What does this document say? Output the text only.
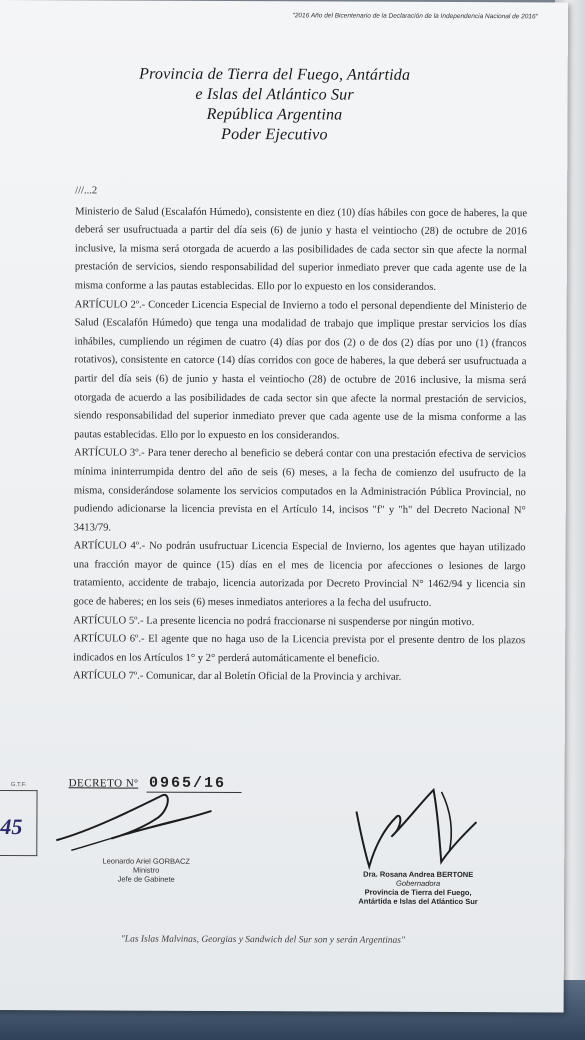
"2016 Año del Bicentenario de la Declaración de la Independencia Nacional de 2016"
Provincia de Tierra del Fuego, Antártida
e Islas del Atlántico Sur
República Argentina
Poder Ejecutivo

///...2

Ministerio de Salud (Escalafón Húmedo), consistente en diez (10) días hábiles con goce de haberes, la que deberá ser usufructuada a partir del día seis (6) de junio y hasta el veintiocho (28) de octubre de 2016 inclusive, la misma será otorgada de acuerdo a las posibilidades de cada sector sin que afecte la normal prestación de servicios, siendo responsabilidad del superior inmediato prever que cada agente use de la misma conforme a las pautas establecidas. Ello por lo expuesto en los considerandos.

ARTÍCULO 2º.- Conceder Licencia Especial de Invierno a todo el personal dependiente del Ministerio de Salud (Escalafón Húmedo) que tenga una modalidad de trabajo que implique prestar servicios los días inhábiles, cumpliendo un régimen de cuatro (4) días por dos (2) o de dos (2) días por uno (1) (francos rotativos), consistente en catorce (14) días corridos con goce de haberes, la que deberá ser usufructuada a partir del día seis (6) de junio y hasta el veintiocho (28) de octubre de 2016 inclusive, la misma será otorgada de acuerdo a las posibilidades de cada sector sin que afecte la normal prestación de servicios, siendo responsabilidad del superior inmediato prever que cada agente use de la misma conforme a las pautas establecidas. Ello por lo expuesto en los considerandos.

ARTÍCULO 3º.- Para tener derecho al beneficio se deberá contar con una prestación efectiva de servicios mínima ininterrumpida dentro del año de seis (6) meses, a la fecha de comienzo del usufructo de la misma, considerándose solamente los servicios computados en la Administración Pública Provincial, no pudiendo adicionarse la licencia prevista en el Artículo 14, incisos "f" y "h" del Decreto Nacional N° 3413/79.

ARTÍCULO 4º.- No podrán usufructuar Licencia Especial de Invierno, los agentes que hayan utilizado una fracción mayor de quince (15) días en el mes de licencia por afecciones o lesiones de largo tratamiento, accidente de trabajo, licencia autorizada por Decreto Provincial N° 1462/94 y licencia sin goce de haberes; en los seis (6) meses inmediatos anteriores a la fecha del usufructo.

ARTÍCULO 5º.- La presente licencia no podrá fraccionarse ni suspenderse por ningún motivo.

ARTÍCULO 6º.- El agente que no haga uso de la Licencia prevista por el presente dentro de los plazos indicados en los Artículos 1° y 2° perderá automáticamente el beneficio.

ARTÍCULO 7º.- Comunicar, dar al Boletín Oficial de la Provincia y archivar.

DECRETO Nº 0965/16
G.T.F.
45
Leonardo Ariel GORBACZ
Ministro
Jefe de Gabinete
Dra. Rosana Andrea BERTONE
Gobernadora
Provincia de Tierra del Fuego,
Antártida e Islas del Atlántico Sur
"Las Islas Malvinas, Georgias y Sandwich del Sur son y serán Argentinas"
